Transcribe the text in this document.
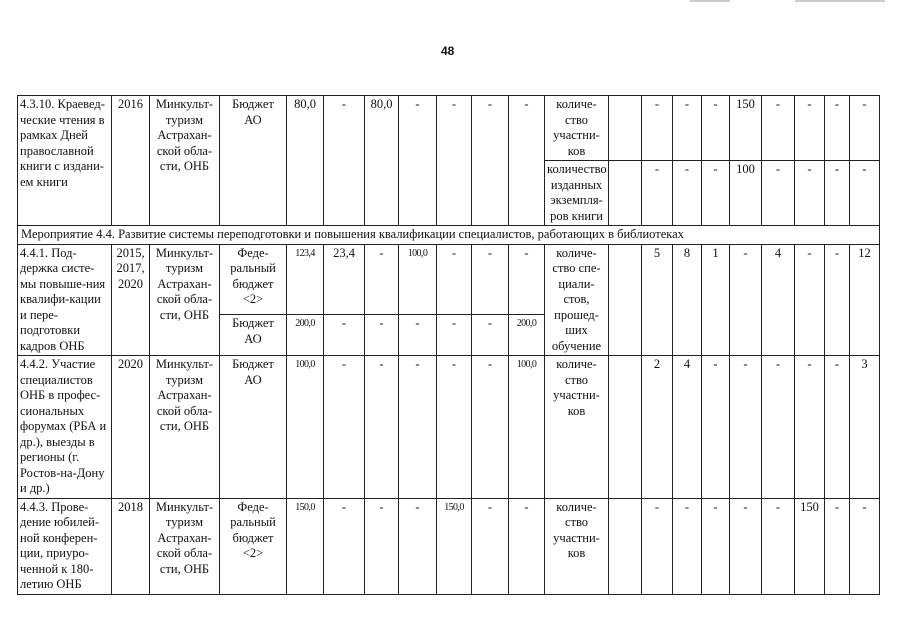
48
4.3.10. Краевед-ческие чтения в рамках Дней православной книги с издани-ем книги	2016	Минкульт-туризм Астрахан-ской обла-сти, ОНБ	Бюджет АО	80,0	-	80,0	-	-	-	-	количе-ство участни-ков		-	-	-	150	-	-	-	-
											количество изданных экземпля-ров книги		-	-	-	100	-	-	-	-
Мероприятие 4.4. Развитие системы переподготовки и повышения квалификации специалистов, работающих в библиотеках																				
4.4.1. Под-держка систе-мы повыше-ния квалифи-кации и пере-подготовки кадров ОНБ	2015, 2017, 2020	Минкульт-туризм Астрахан-ской обла-сти, ОНБ	Феде-ральный бюджет <2>	123,4	23,4	-	100,0	-	-	-	количе-ство спе-циали-стов, прошед-ших обучение		5	8	1	-	4	-	-	12
			Бюджет АО	200,0	-	-	-	-	-	200,0										
4.4.2. Участие специалистов ОНБ в профес-сиональных форумах (РБА и др.), выезды в регионы (г. Ростов-на-Дону и др.)	2020	Минкульт-туризм Астрахан-ской обла-сти, ОНБ	Бюджет АО	100,0	-	-	-	-	-	100,0	количе-ство участни-ков		2	4	-	-	-	-	-	3
4.4.3. Прове-дение юбилей-ной конферен-ции, приуро-ченной к 180-летию ОНБ	2018	Минкульт-туризм Астрахан-ской обла-сти, ОНБ	Феде-ральный бюджет <2>	150,0	-	-	-	150,0	-	-	количе-ство участни-ков		-	-	-	-	-	150	-	-
